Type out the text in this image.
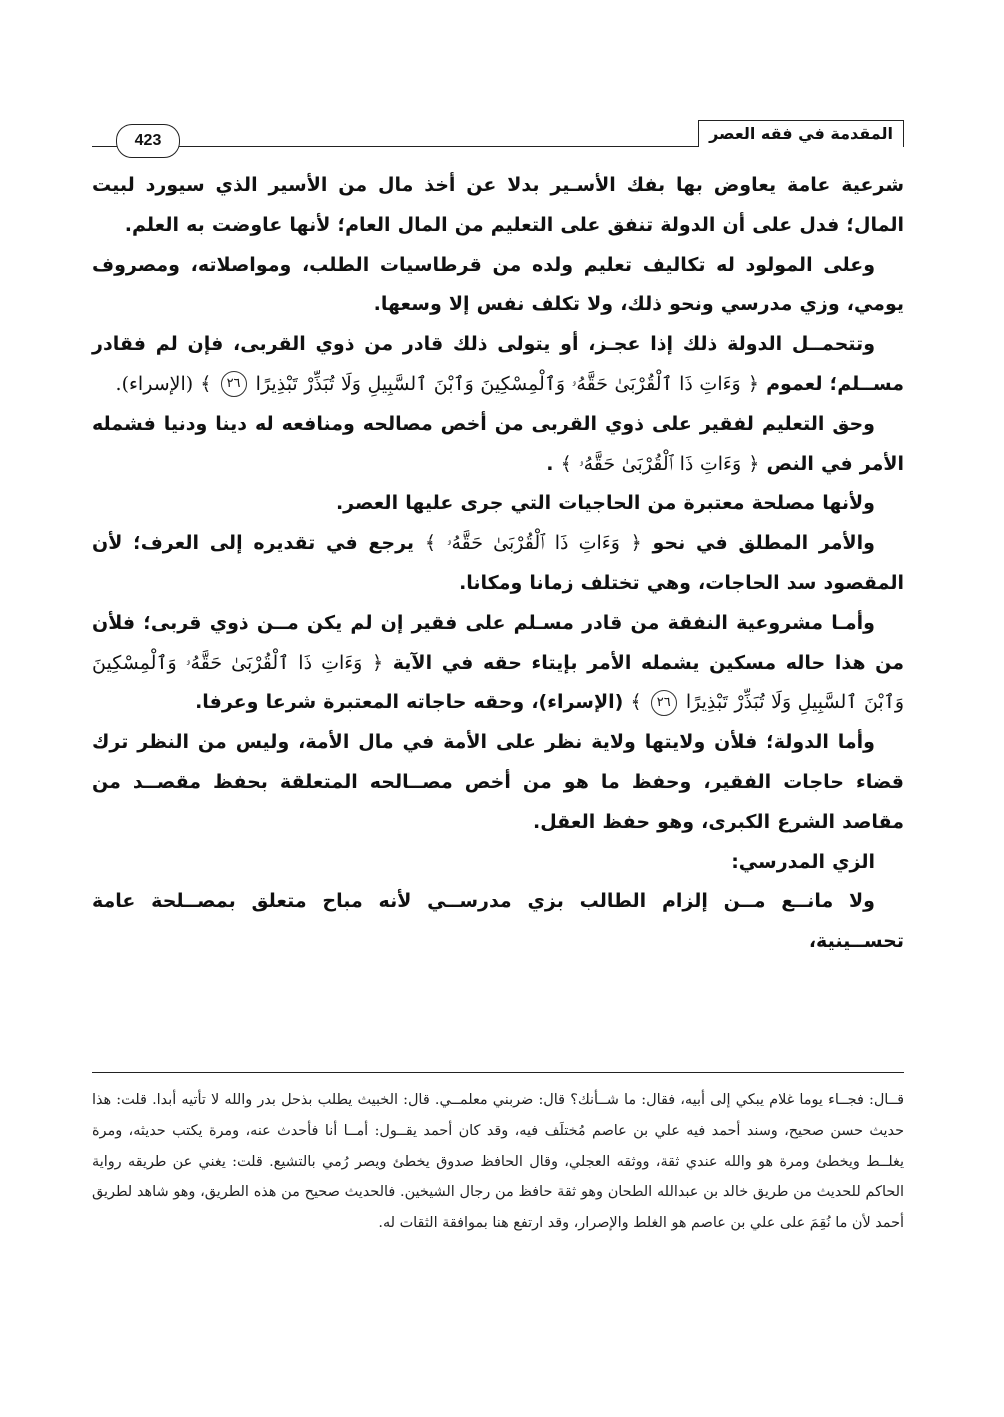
المقدمة في فقه العصر
423

شرعية عامة يعاوض بها بفك الأسـير بدلا عن أخذ مال من الأسير الذي سيورد لبيت المال؛ فدل على أن الدولة تنفق على التعليم من المال العام؛ لأنها عاوضت به العلم.

وعلى المولود له تكاليف تعليم ولده من قرطاسيات الطلب، ومواصلاته، ومصروف يومي، وزي مدرسي ونحو ذلك، ولا تكلف نفس إلا وسعها.

وتتحمــل الدولة ذلك إذا عجـز، أو يتولى ذلك قادر من ذوي القربى، فإن لم فقادر مســلم؛ لعموم ﴿ وَءَاتِ ذَا ٱلْقُرْبَىٰ حَقَّهُۥ وَٱلْمِسْكِينَ وَٱبْنَ ٱلسَّبِيلِ وَلَا تُبَذِّرْ تَبْذِيرًا ٢٦ ﴾ (الإسراء).

وحق التعليم لفقير على ذوي القربى من أخص مصالحه ومنافعه له دينا ودنيا فشمله الأمر في النص ﴿ وَءَاتِ ذَا ٱلْقُرْبَىٰ حَقَّهُۥ ﴾ .

ولأنها مصلحة معتبرة من الحاجيات التي جرى عليها العصر.

والأمر المطلق في نحو ﴿ وَءَاتِ ذَا ٱلْقُرْبَىٰ حَقَّهُۥ ﴾ يرجع في تقديره إلى العرف؛ لأن المقصود سد الحاجات، وهي تختلف زمانا ومكانا.

وأمـا مشروعية النفقة من قادر مسـلم على فقير إن لم يكن مــن ذوي قربى؛ فلأن من هذا حاله مسكين يشمله الأمر بإيتاء حقه في الآية ﴿ وَءَاتِ ذَا ٱلْقُرْبَىٰ حَقَّهُۥ وَٱلْمِسْكِينَ وَٱبْنَ ٱلسَّبِيلِ وَلَا تُبَذِّرْ تَبْذِيرًا ٢٦ ﴾ (الإسراء)، وحقه حاجاته المعتبرة شرعا وعرفا.

وأما الدولة؛ فلأن ولايتها ولاية نظر على الأمة في مال الأمة، وليس من النظر ترك قضاء حاجات الفقير، وحفظ ما هو من أخص مصــالحه المتعلقة بحفظ مقصــد من مقاصد الشرع الكبرى، وهو حفظ العقل.

الزي المدرسي:

ولا مانــع مــن إلزام الطالب بزي مدرســي لأنه مباح متعلق بمصــلحة عامة تحســينية،

قــال: فجــاء يوما غلام يبكي إلى أبيه، فقال: ما شــأنك؟ قال: ضربني معلمــي. قال: الخبيث يطلب بذحل بدر والله لا تأتيه أبدا. قلت: هذا حديث حسن صحيح، وسند أحمد فيه علي بن عاصم مُختلَف فيه، وقد كان أحمد يقــول: أمــا أنا فأحدث عنه، ومرة يكتب حديثه، ومرة يغلــط ويخطئ ومرة هو والله عندي ثقة، ووثقه العجلي، وقال الحافظ صدوق يخطئ ويصر رُمي بالتشيع. قلت: يغني عن طريقه رواية الحاكم للحديث من طريق خالد بن عبدالله الطحان وهو ثقة حافظ من رجال الشيخين. فالحديث صحيح من هذه الطريق، وهو شاهد لطريق أحمد لأن ما نُقِمَ على علي بن عاصم هو الغلط والإصرار، وقد ارتفع هنا بموافقة الثقات له.
